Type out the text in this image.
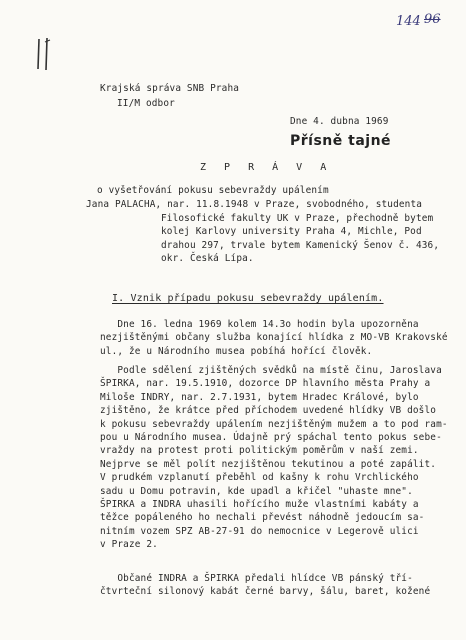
144 96
Krajská správa SNB Praha
II/M odbor
Dne 4. dubna 1969
Přísně tajné
Z P R Á V A
o vyšetřování pokusu sebevraždy upálením
Jana PALACHA, nar. 11.8.1948 v Praze, svobodného, studenta
Filosofické fakulty UK v Praze, přechodně bytem
kolej Karlovy university Praha 4, Michle, Pod
drahou 297, trvale bytem Kamenický Šenov č. 436,
okr. Česká Lípa.
I. Vznik případu pokusu sebevraždy upálením.
Dne 16. ledna 1969 kolem 14.3o hodin byla upozorněna
nezjištěnými občany služba konající hlídka z MO-VB Krakovské
ul., že u Národního musea pobíhá hořící člověk.
Podle sdělení zjištěných svědků na místě činu, Jaroslava
ŠPIRKA, nar. 19.5.1910, dozorce DP hlavního města Prahy a
Miloše INDRY, nar. 2.7.1931, bytem Hradec Králové, bylo
zjištěno, že krátce před příchodem uvedené hlídky VB došlo
k pokusu sebevraždy upálením nezjištěným mužem a to pod ram-
pou u Národního musea. Údajně prý spáchal tento pokus sebe-
vraždy na protest proti politickým poměrům v naší zemi.
Nejprve se měl polít nezjištěnou tekutinou a poté zapálit.
V prudkém vzplanutí přeběhl od kašny k rohu Vrchlického
sadu u Domu potravin, kde upadl a křičel "uhaste mne".
ŠPIRKA a INDRA uhasili hořícího muže vlastními kabáty a
těžce popáleného ho nechali převést náhodně jedoucím sa-
nitním vozem SPZ AB-27-91 do nemocnice v Legerově ulici
v Praze 2.
Občané INDRA a ŠPIRKA předali hlídce VB pánský tří-
čtvrteční silonový kabát černé barvy, šálu, baret, kožené
